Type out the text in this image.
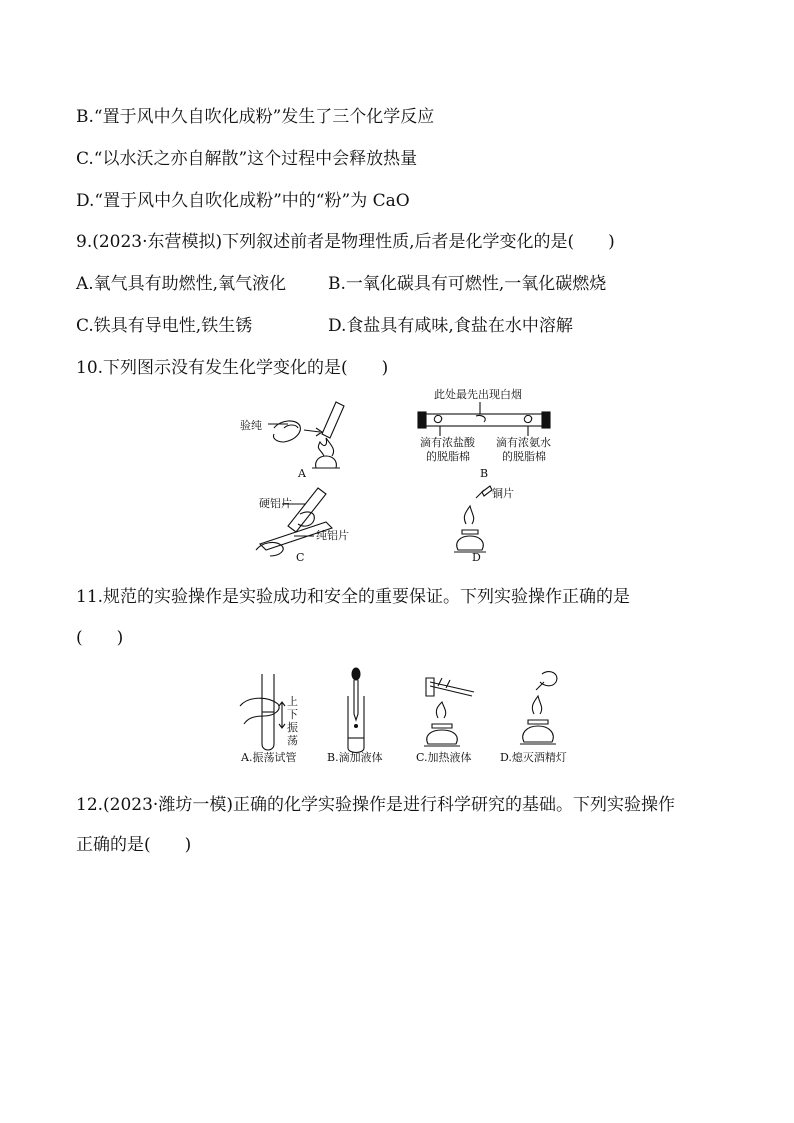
B.“置于风中久自吹化成粉”发生了三个化学反应
C.“以水沃之亦自解散”这个过程中会释放热量
D.“置于风中久自吹化成粉”中的“粉”为 CaO
9.(2023·东营模拟)下列叙述前者是物理性质,后者是化学变化的是(　　)
A.氧气具有助燃性,氧气液化 B.一氧化碳具有可燃性,一氧化碳燃烧
C.铁具有导电性,铁生锈	D.食盐具有咸味,食盐在水中溶解
10.下列图示没有发生化学变化的是(　　)
验纯
A
此处最先出现白烟
滴有浓盐酸
的脱脂棉
滴有浓氨水
的脱脂棉
B
硬铝片
纯铝片
C
铜片
D
11.规范的实验操作是实验成功和安全的重要保证。下列实验操作正确的是
(　　)
上
下
振
荡
A.振荡试管	B.滴加液体	C.加热液体	D.熄灭酒精灯
12.(2023·潍坊一模)正确的化学实验操作是进行科学研究的基础。下列实验操作
正确的是(　　)
